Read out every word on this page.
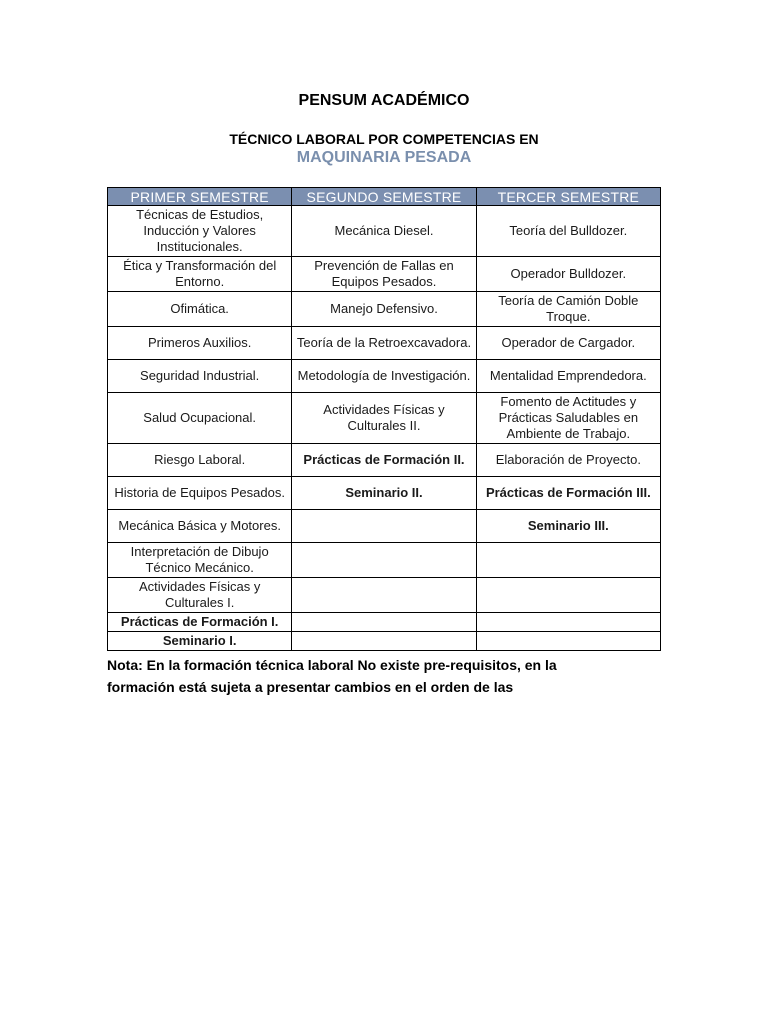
PENSUM ACADÉMICO
TÉCNICO LABORAL POR COMPETENCIAS EN
MAQUINARIA PESADA
PRIMER SEMESTRE	SEGUNDO SEMESTRE	TERCER SEMESTRE
Técnicas de Estudios, Inducción y Valores Institucionales.	Mecánica Diesel.	Teoría del Bulldozer.
Ética y Transformación del Entorno.	Prevención de Fallas en Equipos Pesados.	Operador Bulldozer.
Ofimática.	Manejo Defensivo.	Teoría de Camión Doble Troque.
Primeros Auxilios.	Teoría de la Retroexcavadora.	Operador de Cargador.
Seguridad Industrial.	Metodología de Investigación.	Mentalidad Emprendedora.
Salud Ocupacional.	Actividades Físicas y Culturales II.	Fomento de Actitudes y Prácticas Saludables en Ambiente de Trabajo.
Riesgo Laboral.	Prácticas de Formación II.	Elaboración de Proyecto.
Historia de Equipos Pesados.	Seminario II.	Prácticas de Formación III.
Mecánica Básica y Motores.		Seminario III.
Interpretación de Dibujo Técnico Mecánico.		
Actividades Físicas y Culturales I.		
Prácticas de Formación I.		
Seminario I.		
Nota: En la formación técnica laboral No existe pre-requisitos, en la
formación está sujeta a presentar cambios en el orden de las
